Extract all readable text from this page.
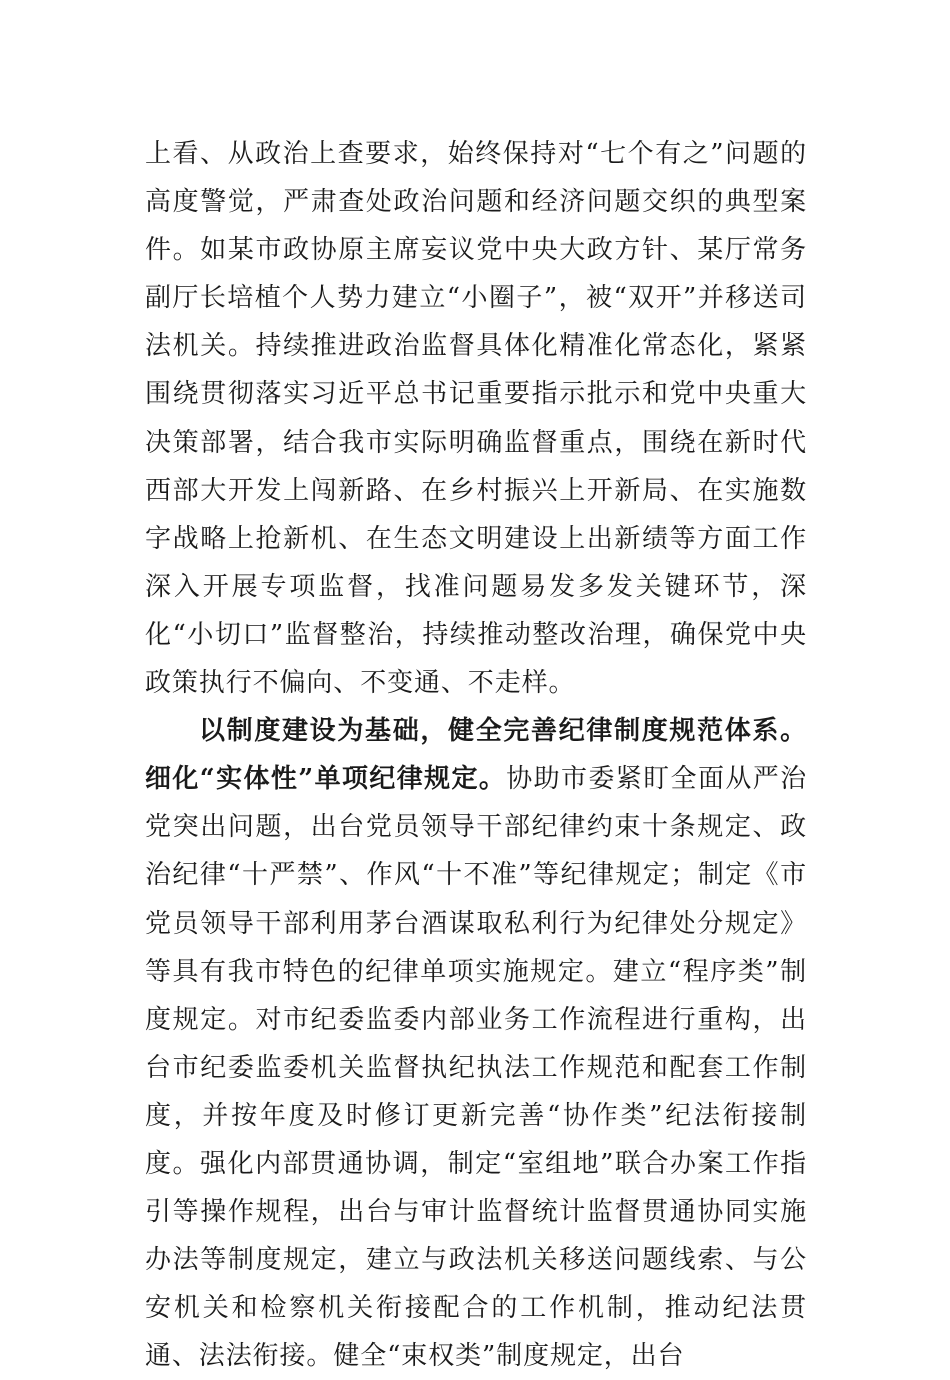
上看、从政治上查要求，始终保持对“七个有之”问题的高度警觉，严肃查处政治问题和经济问题交织的典型案件。如某市政协原主席妄议党中央大政方针、某厅常务副厅长培植个人势力建立“小圈子”，被“双开”并移送司法机关。持续推进政治监督具体化精准化常态化，紧紧围绕贯彻落实习近平总书记重要指示批示和党中央重大决策部署，结合我市实际明确监督重点，围绕在新时代西部大开发上闯新路、在乡村振兴上开新局、在实施数字战略上抢新机、在生态文明建设上出新绩等方面工作深入开展专项监督，找准问题易发多发关键环节，深化“小切口”监督整治，持续推动整改治理，确保党中央政策执行不偏向、不变通、不走样。

以制度建设为基础，健全完善纪律制度规范体系。细化“实体性”单项纪律规定。协助市委紧盯全面从严治党突出问题，出台党员领导干部纪律约束十条规定、政治纪律“十严禁”、作风“十不准”等纪律规定；制定《市党员领导干部利用茅台酒谋取私利行为纪律处分规定》等具有我市特色的纪律单项实施规定。建立“程序类”制度规定。对市纪委监委内部业务工作流程进行重构，出台市纪委监委机关监督执纪执法工作规范和配套工作制度，并按年度及时修订更新完善“协作类”纪法衔接制度。强化内部贯通协调，制定“室组地”联合办案工作指引等操作规程，出台与审计监督统计监督贯通协同实施办法等制度规定，建立与政法机关移送问题线索、与公安机关和检察机关衔接配合的工作机制，推动纪法贯通、法法衔接。健全“束权类”制度规定，出台
